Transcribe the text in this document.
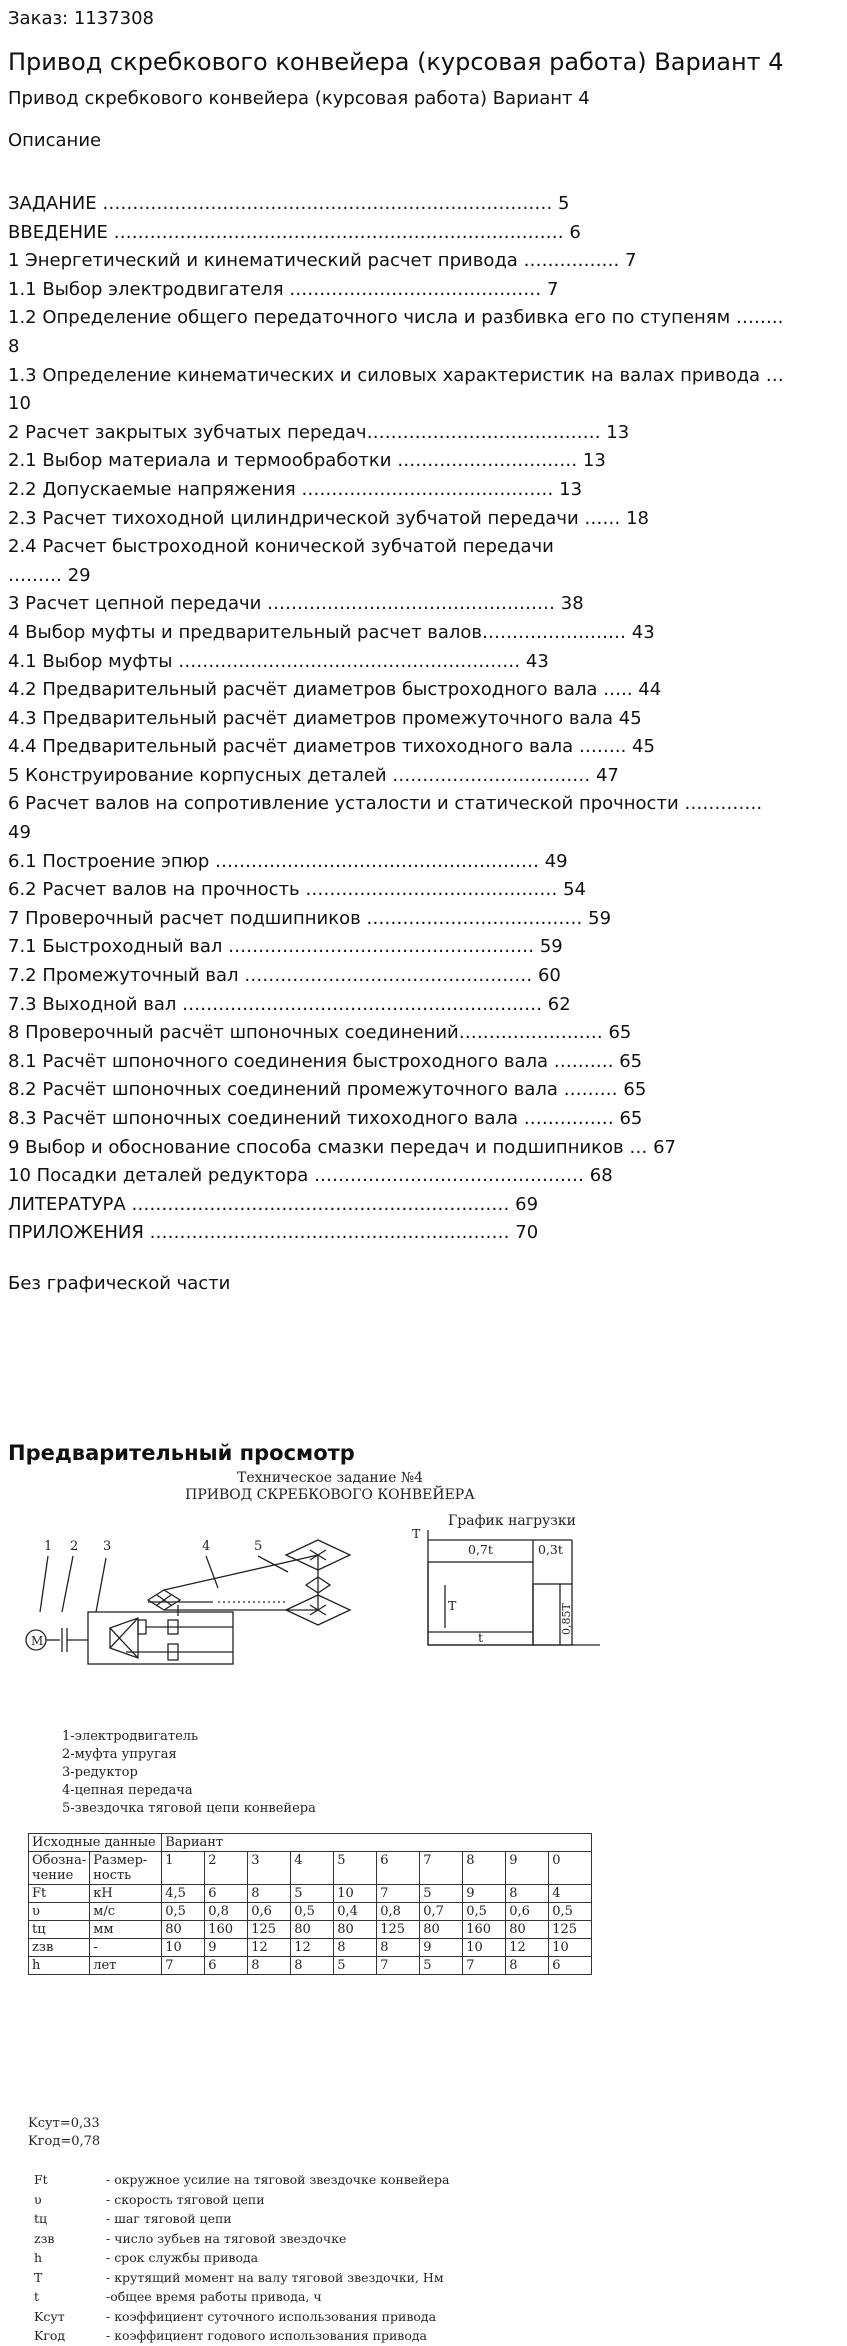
Заказ: 1137308
Привод скребкового конвейера (курсовая работа) Вариант 4
Привод скребкового конвейера (курсовая работа) Вариант 4
Описание
ЗАДАНИЕ ………………………………………………………………… 5
ВВЕДЕНИЕ ………………………………………………………………… 6
1 Энергетический и кинематический расчет привода ……………. 7
1.1 Выбор электродвигателя …………………………………… 7
1.2 Определение общего передаточного числа и разбивка его по ступеням ……..
8
1.3 Определение кинематических и силовых характеристик на валах привода …
10
2 Расчет закрытых зубчатых передач………………………………… 13
2.1 Выбор материала и термообработки ………………………… 13
2.2 Допускаемые напряжения …………………………………… 13
2.3 Расчет тихоходной цилиндрической зубчатой передачи …… 18
2.4 Расчет быстроходной конической зубчатой передачи
……… 29
3 Расчет цепной передачи ………………………………………… 38
4 Выбор муфты и предварительный расчет валов…………………… 43
4.1 Выбор муфты ………………………………………………… 43
4.2 Предварительный расчёт диаметров быстроходного вала ….. 44
4.3 Предварительный расчёт диаметров промежуточного вала 45
4.4 Предварительный расчёт диаметров тихоходного вала …….. 45
5 Конструирование корпусных деталей …………………………… 47
6 Расчет валов на сопротивление усталости и статической прочности ………….
49
6.1 Построение эпюр ……………………………………………… 49
6.2 Расчет валов на прочность …………………………………… 54
7 Проверочный расчет подшипников ……………………………… 59
7.1 Быстроходный вал …………………………………………… 59
7.2 Промежуточный вал ………………………………………… 60
7.3 Выходной вал …………………………………………………… 62
8 Проверочный расчёт шпоночных соединений…………………… 65
8.1 Расчёт шпоночного соединения быстроходного вала ………. 65
8.2 Расчёт шпоночных соединений промежуточного вала ……… 65
8.3 Расчёт шпоночных соединений тихоходного вала …………… 65
9 Выбор и обоснование способа смазки передач и подшипников … 67
10 Посадки деталей редуктора ……………………………………… 68
ЛИТЕРАТУРА ……………………………………………………… 69
ПРИЛОЖЕНИЯ …………………………………………………… 70
Без графической части
Предварительный просмотр
Техническое задание №4
ПРИВОД СКРЕБКОВОГО КОНВЕЙЕРА
1 2 3	4	5
М
График нагрузки
T
0,7t	0,3t
T	0,85T
t
1-электродвигатель
2-муфта упругая
3-редуктор
4-цепная передача
5-звездочка тяговой цепи конвейера
Исходные данные		Вариант									
Обозна-чение	Размер-ность	1	2	3	4	5	6	7	8	9	0
Ft	кН	4,5	6	8	5	10	7	5	9	8	4
υ	м/с	0,5	0,8	0,6	0,5	0,4	0,8	0,7	0,5	0,6	0,5
tц	мм	80	160	125	80	80	125	80	160	80	125
zзв	-	10	9	12	12	8	8	9	10	12	10
h	лет	7	6	8	8	5	7	5	7	8	6
Kсут=0,33
Kгод=0,78
Ft	- окружное усилие на тяговой звездочке конвейера
υ	- скорость тяговой цепи
tц	- шаг тяговой цепи
zзв	- число зубьев на тяговой звездочке
h	- срок службы привода
T	- крутящий момент на валу тяговой звездочки, Нм
t	-общее время работы привода, ч
Kсут	- коэффициент суточного использования привода
Kгод	- коэффициент годового использования привода
